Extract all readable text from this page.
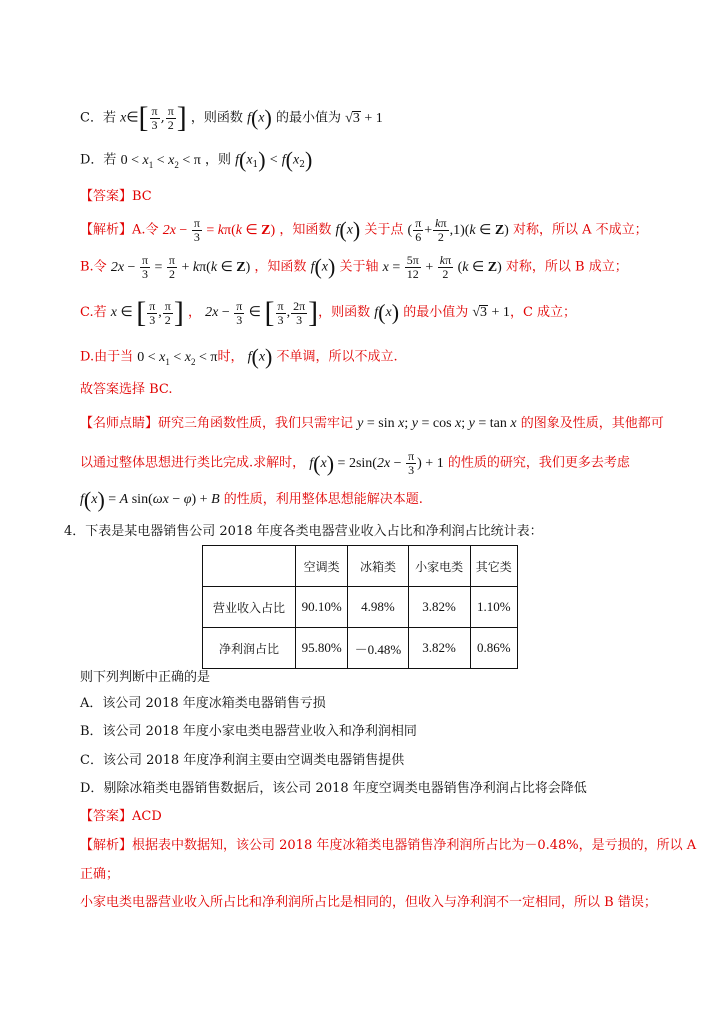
C．若 x∈[ $\frac{\pi}{3}$ , $\frac{\pi}{2}$ ] ，则函数 f(x) 的最小值为 √3 + 1
D．若 $0 < x_1 < x_2 < \pi$ ，则 $f(x_1) < f(x_2)$
【答案】BC
【解析】A.令 $2x - \frac{\pi}{3} = k\pi(k$ ∈ Z) ，知函数 f(x) 关于点 ( $\frac{\pi}{6} + \frac{k\pi}{2} ,1)(k$ ∈ Z) 对称，所以 A 不成立；
B.令 $2x - \frac{\pi}{3} = \frac{\pi}{2} + k\pi(k$ ∈ Z) ，知函数 f(x) 关于轴 $x = \frac{5\pi}{12} + \frac{k\pi}{2} (k$ ∈ Z) 对称，所以 B 成立；
C.若 x ∈ [ $\frac{\pi}{3}$ , $\frac{\pi}{2}$ ] ， $2x - \frac{\pi}{3}$ ∈ [ $\frac{\pi}{3}$ , $\frac{2\pi}{3}$ ]，则函数 f(x) 的最小值为 √3 + 1，C 成立；
D.由于当 $0 < x_1 < x_2 < \pi$时， f(x) 不单调，所以不成立.
故答案选择 BC.
【名师点睛】研究三角函数性质，我们只需牢记 y = sin x; y = cos x; y = tan x 的图象及性质，其他都可
以通过整体思想进行类比完成.求解时， $f(x) = 2\sin(2x - \frac{\pi}{3}$ ) + 1 的性质的研究，我们更多去考虑
f(x) = A sin(ωx − φ) + B 的性质，利用整体思想能解决本题.
4．下表是某电器销售公司 2018 年度各类电器营业收入占比和净利润占比统计表：
	空调类	冰箱类	小家电类	其它类
营业收入占比	90.10%	4.98%	3.82%	1.10%
净利润占比	95.80%	－0.48%	3.82%	0.86%
则下列判断中正确的是
A．该公司 2018 年度冰箱类电器销售亏损
B．该公司 2018 年度小家电类电器营业收入和净利润相同
C．该公司 2018 年度净利润主要由空调类电器销售提供
D．剔除冰箱类电器销售数据后，该公司 2018 年度空调类电器销售净利润占比将会降低
【答案】ACD
【解析】根据表中数据知，该公司 2018 年度冰箱类电器销售净利润所占比为－0.48%，是亏损的，所以 A
正确；
小家电类电器营业收入所占比和净利润所占比是相同的，但收入与净利润不一定相同，所以 B 错误；
